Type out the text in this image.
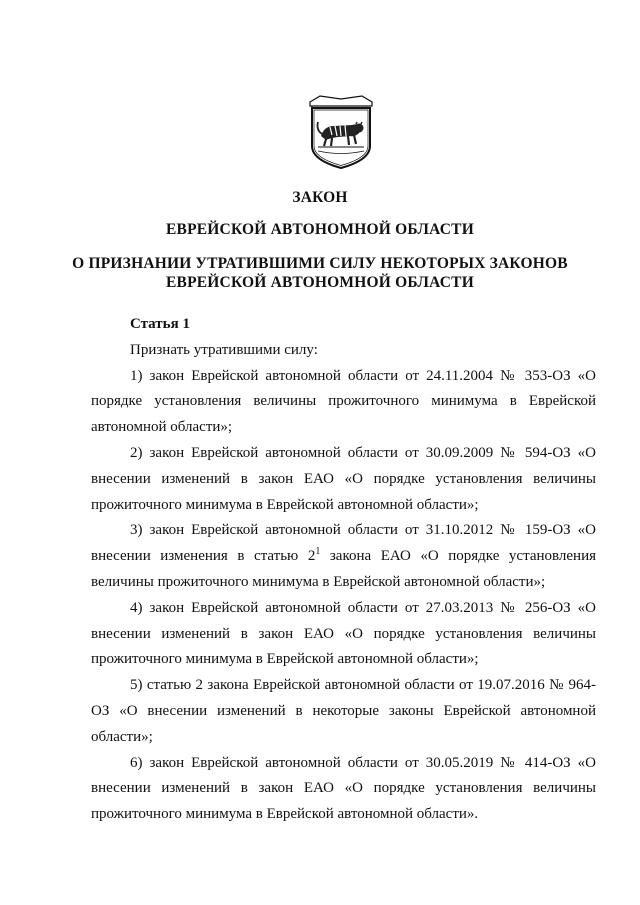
ЗАКОН
ЕВРЕЙСКОЙ АВТОНОМНОЙ ОБЛАСТИ
О ПРИЗНАНИИ УТРАТИВШИМИ СИЛУ НЕКОТОРЫХ ЗАКОНОВ
ЕВРЕЙСКОЙ АВТОНОМНОЙ ОБЛАСТИ
Статья 1
Признать утратившими силу:
1) закон Еврейской автономной области от 24.11.2004 № 353-ОЗ «О порядке установления величины прожиточного минимума в Еврейской автономной области»;
2) закон Еврейской автономной области от 30.09.2009 № 594-ОЗ «О внесении изменений в закон ЕАО «О порядке установления величины прожиточного минимума в Еврейской автономной области»;
3) закон Еврейской автономной области от 31.10.2012 № 159-ОЗ «О внесении изменения в статью $2^1$ закона ЕАО «О порядке установления величины прожиточного минимума в Еврейской автономной области»;
4) закон Еврейской автономной области от 27.03.2013 № 256-ОЗ «О внесении изменений в закон ЕАО «О порядке установления величины прожиточного минимума в Еврейской автономной области»;
5) статью 2 закона Еврейской автономной области от 19.07.2016 № 964-ОЗ «О внесении изменений в некоторые законы Еврейской автономной области»;
6) закон Еврейской автономной области от 30.05.2019 № 414-ОЗ «О внесении изменений в закон ЕАО «О порядке установления величины прожиточного минимума в Еврейской автономной области».
